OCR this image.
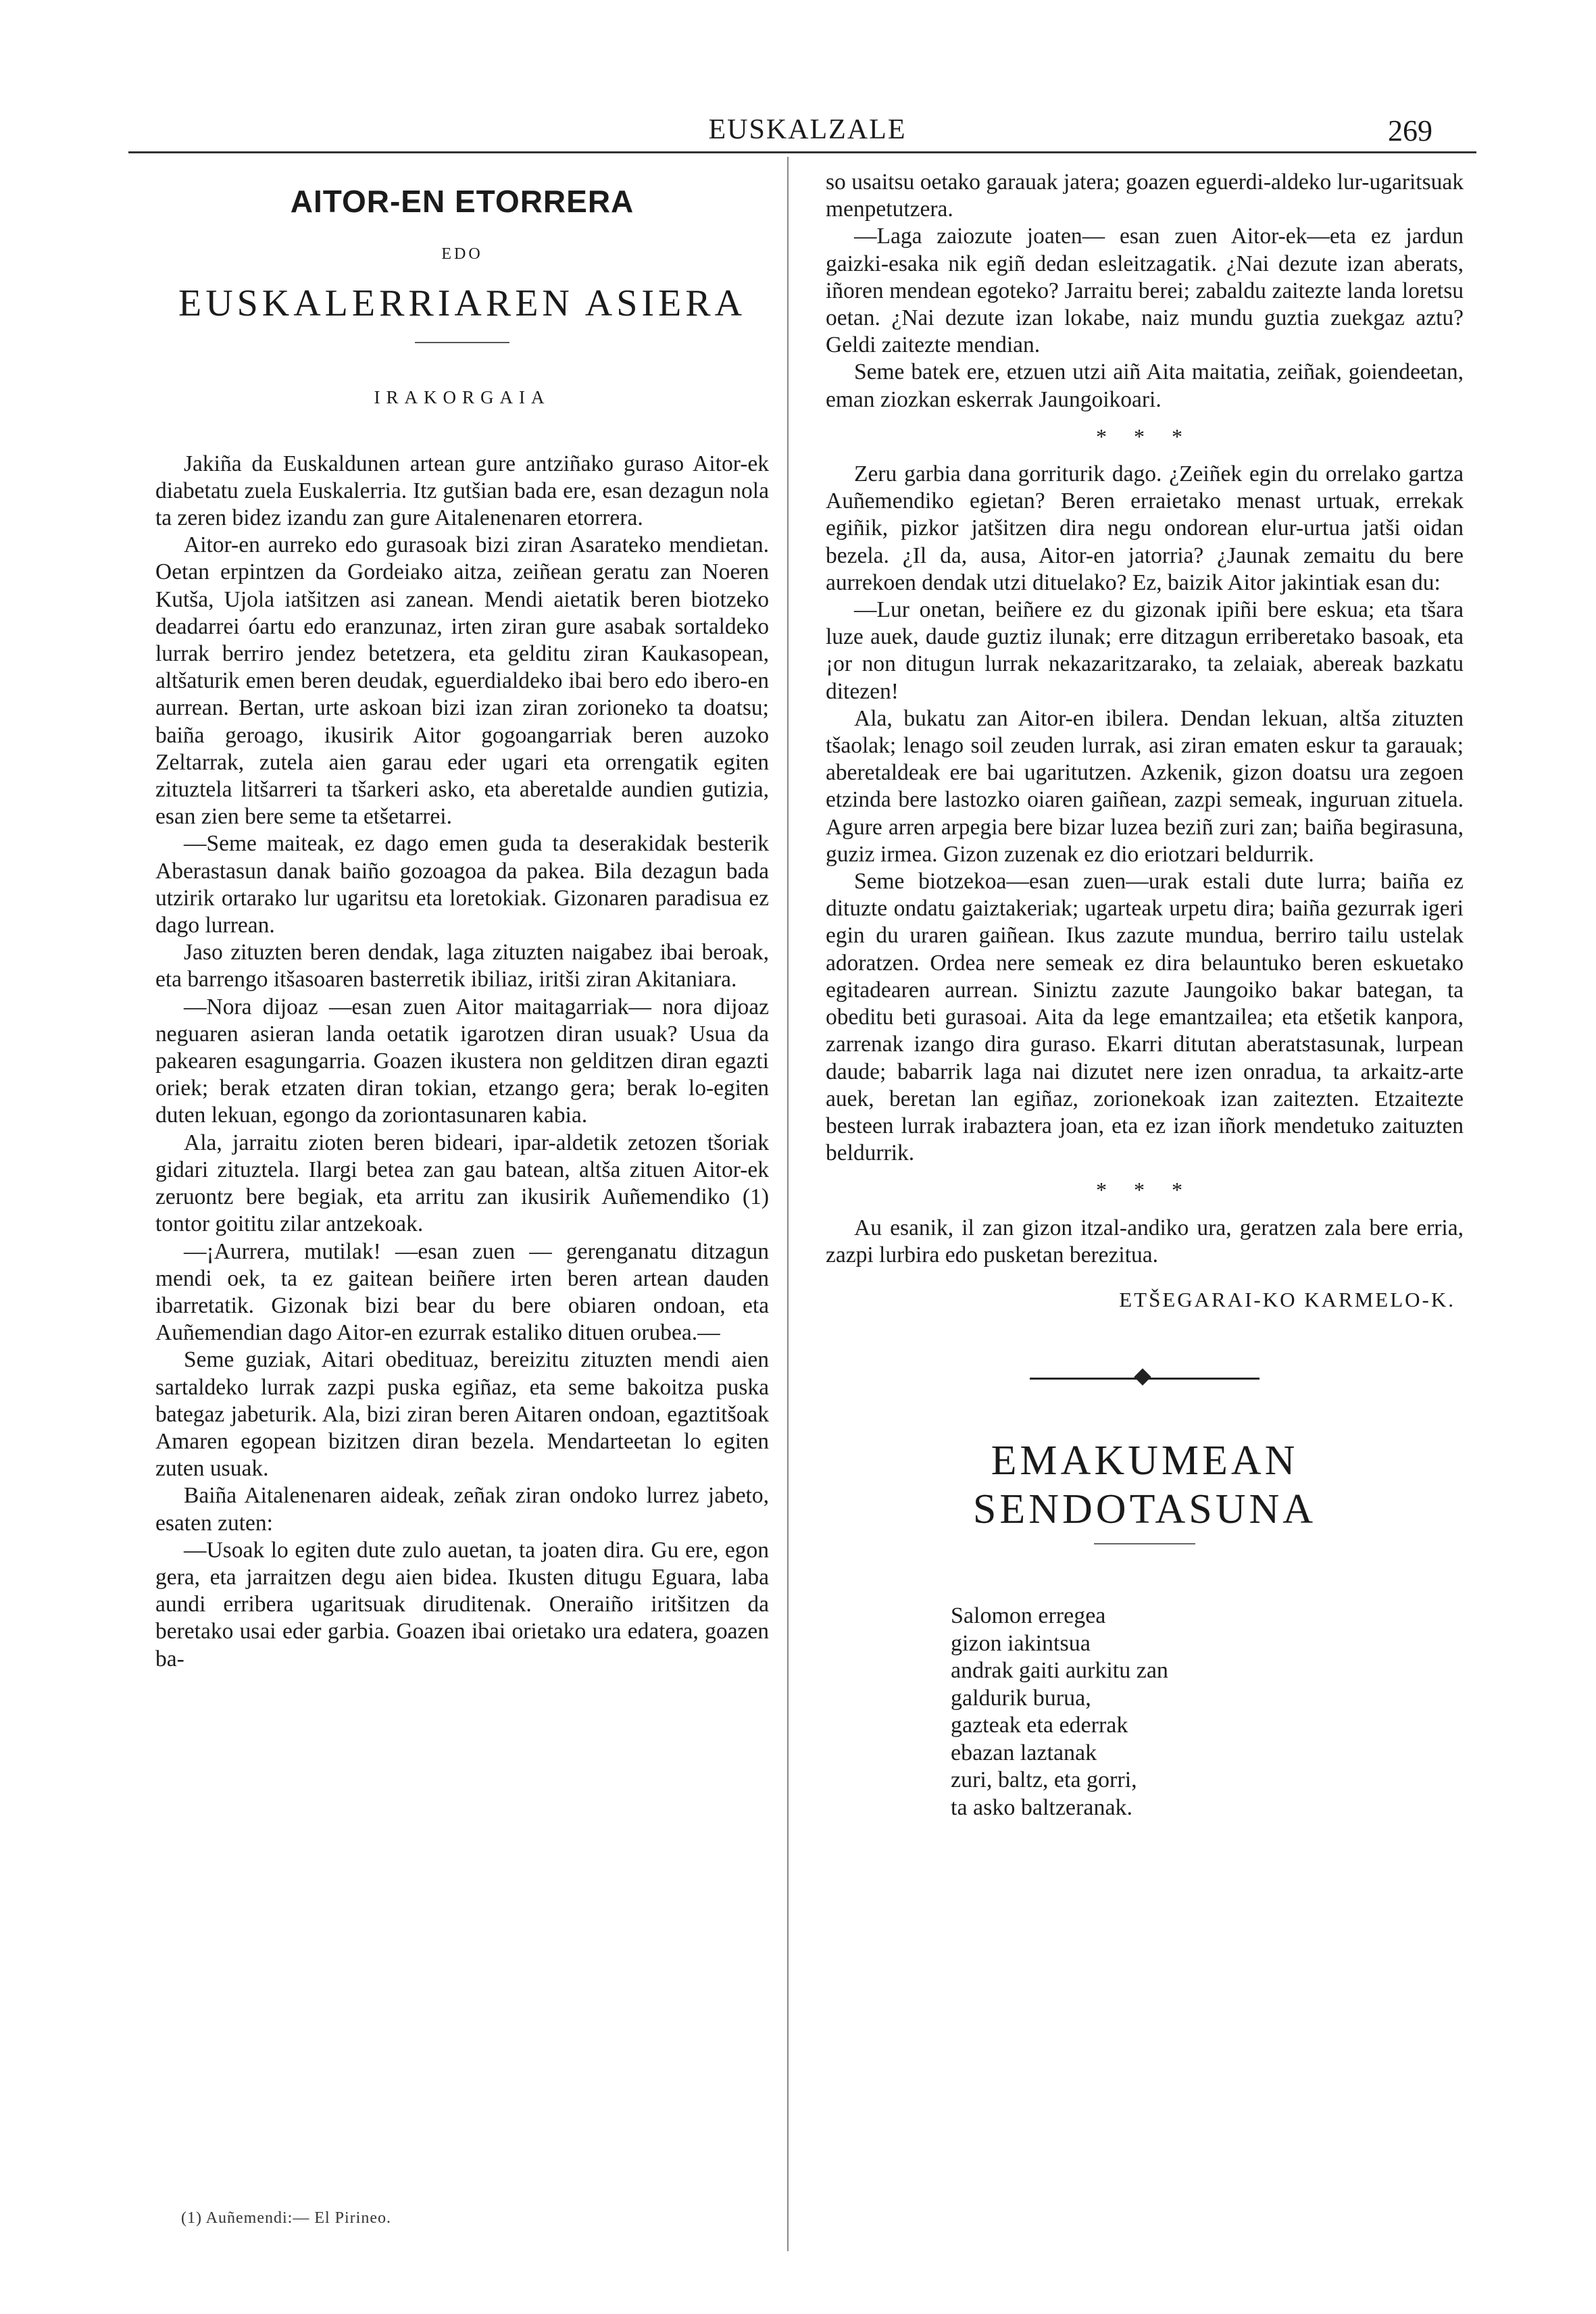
EUSKALZALE	269
AITOR-EN ETORRERA
EDO
EUSKALERRIAREN ASIERA
IRAKORGAIA

Jakiña da Euskaldunen artean gure antziñako guraso Aitor-ek diabetatu zuela Euskalerria. Itz gutšian bada ere, esan dezagun nola ta zeren bidez izandu zan gure Aitalenenaren etorrera.

Aitor-en aurreko edo gurasoak bizi ziran Asarateko mendietan. Oetan erpintzen da Gordeiako aitza, zeiñean geratu zan Noeren Kutša, Ujola iatšitzen asi zanean. Mendi aietatik beren biotzeko deadarrei óartu edo eranzunaz, irten ziran gure asabak sortaldeko lurrak berriro jendez betetzera, eta gelditu ziran Kaukasopean, altšaturik emen beren deudak, eguerdialdeko ibai bero edo ibero-en aurrean. Bertan, urte askoan bizi izan ziran zorioneko ta doatsu; baiña geroago, ikusirik Aitor gogoangarriak beren auzoko Zeltarrak, zutela aien garau eder ugari eta orrengatik egiten zituztela litšarreri ta tšarkeri asko, eta aberetalde aundien gutizia, esan zien bere seme ta etšetarrei.

—Seme maiteak, ez dago emen guda ta deserakidak besterik Aberastasun danak baiño gozoagoa da pakea. Bila dezagun bada utzirik ortarako lur ugaritsu eta loretokiak. Gizonaren paradisua ez dago lurrean.

Jaso zituzten beren dendak, laga zituzten naigabez ibai beroak, eta barrengo itšasoaren basterretik ibiliaz, iritši ziran Akitaniara.

—Nora dijoaz —esan zuen Aitor maitagarriak— nora dijoaz neguaren asieran landa oetatik igarotzen diran usuak? Usua da pakearen esagungarria. Goazen ikustera non gelditzen diran egazti oriek; berak etzaten diran tokian, etzango gera; berak lo-egiten duten lekuan, egongo da zoriontasunaren kabia.

Ala, jarraitu zioten beren bideari, ipar-aldetik zetozen tšoriak gidari zituztela. Ilargi betea zan gau batean, altša zituen Aitor-ek zeruontz bere begiak, eta arritu zan ikusirik Auñemendiko (1) tontor goititu zilar antzekoak.

—¡Aurrera, mutilak! —esan zuen — gerenganatu ditzagun mendi oek, ta ez gaitean beiñere irten beren artean dauden ibarretatik. Gizonak bizi bear du bere obiaren ondoan, eta Auñemendian dago Aitor-en ezurrak estaliko dituen orubea.—

Seme guziak, Aitari obedituaz, bereizitu zituzten mendi aien sartaldeko lurrak zazpi puska egiñaz, eta seme bakoitza puska bategaz jabeturik. Ala, bizi ziran beren Aitaren ondoan, egaztitšoak Amaren egopean bizitzen diran bezela. Mendarteetan lo egiten zuten usuak.

Baiña Aitalenenaren aideak, zeñak ziran ondoko lurrez jabeto, esaten zuten:

—Usoak lo egiten dute zulo auetan, ta joaten dira. Gu ere, egon gera, eta jarraitzen degu aien bidea. Ikusten ditugu Eguara, laba aundi erribera ugaritsuak diruditenak. Oneraiño iritšitzen da beretako usai eder garbia. Goazen ibai orietako ura edatera, goazen ba-

(1) Auñemendi:— El Pirineo.

so usaitsu oetako garauak jatera; goazen eguerdi-aldeko lur-ugaritsuak menpetutzera.

—Laga zaiozute joaten— esan zuen Aitor-ek—eta ez jardun gaizki-esaka nik egiñ dedan esleitzagatik. ¿Nai dezute izan aberats, iñoren mendean egoteko? Jarraitu berei; zabaldu zaitezte landa loretsu oetan. ¿Nai dezute izan lokabe, naiz mundu guztia zuekgaz aztu? Geldi zaitezte mendian.

Seme batek ere, etzuen utzi aiñ Aita maitatia, zeiñak, goiendeetan, eman ziozkan eskerrak Jaungoikoari.

* * *

Zeru garbia dana gorriturik dago. ¿Zeiñek egin du orrelako gartza Auñemendiko egietan? Beren erraietako menast urtuak, errekak egiñik, pizkor jatšitzen dira negu ondorean elur-urtua jatši oidan bezela. ¿Il da, ausa, Aitor-en jatorria? ¿Jaunak zemaitu du bere aurrekoen dendak utzi dituelako? Ez, baizik Aitor jakintiak esan du:

—Lur onetan, beiñere ez du gizonak ipiñi bere eskua; eta tšara luze auek, daude guztiz ilunak; erre ditzagun erriberetako basoak, eta ¡or non ditugun lurrak nekazaritzarako, ta zelaiak, abereak bazkatu ditezen!

Ala, bukatu zan Aitor-en ibilera. Dendan lekuan, altša zituzten tšaolak; lenago soil zeuden lurrak, asi ziran ematen eskur ta garauak; aberetaldeak ere bai ugaritutzen. Azkenik, gizon doatsu ura zegoen etzinda bere lastozko oiaren gaiñean, zazpi semeak, inguruan zituela. Agure arren arpegia bere bizar luzea beziñ zuri zan; baiña begirasuna, guziz irmea. Gizon zuzenak ez dio eriotzari beldurrik.

Seme biotzekoa—esan zuen—urak estali dute lurra; baiña ez dituzte ondatu gaiztakeriak; ugarteak urpetu dira; baiña gezurrak igeri egin du uraren gaiñean. Ikus zazute mundua, berriro tailu ustelak adoratzen. Ordea nere semeak ez dira belauntuko beren eskuetako egitadearen aurrean. Siniztu zazute Jaungoiko bakar bategan, ta obeditu beti gurasoai. Aita da lege emantzailea; eta etšetik kanpora, zarrenak izango dira guraso. Ekarri ditutan aberatstasunak, lurpean daude; babarrik laga nai dizutet nere izen onradua, ta arkaitz-arte auek, beretan lan egiñaz, zorionekoak izan zaitezten. Etzaitezte besteen lurrak irabaztera joan, eta ez izan iñork mendetuko zaituzten beldurrik.

* * *

Au esanik, il zan gizon itzal-andiko ura, geratzen zala bere erria, zazpi lurbira edo pusketan berezitua.

ETŠEGARAI-KO KARMELO-K.
EMAKUMEAN SENDOTASUNA
Salomon erregea
gizon iakintsua
andrak gaiti aurkitu zan
galdurik burua,
gazteak eta ederrak
ebazan laztanak
zuri, baltz, eta gorri,
ta asko baltzeranak.
